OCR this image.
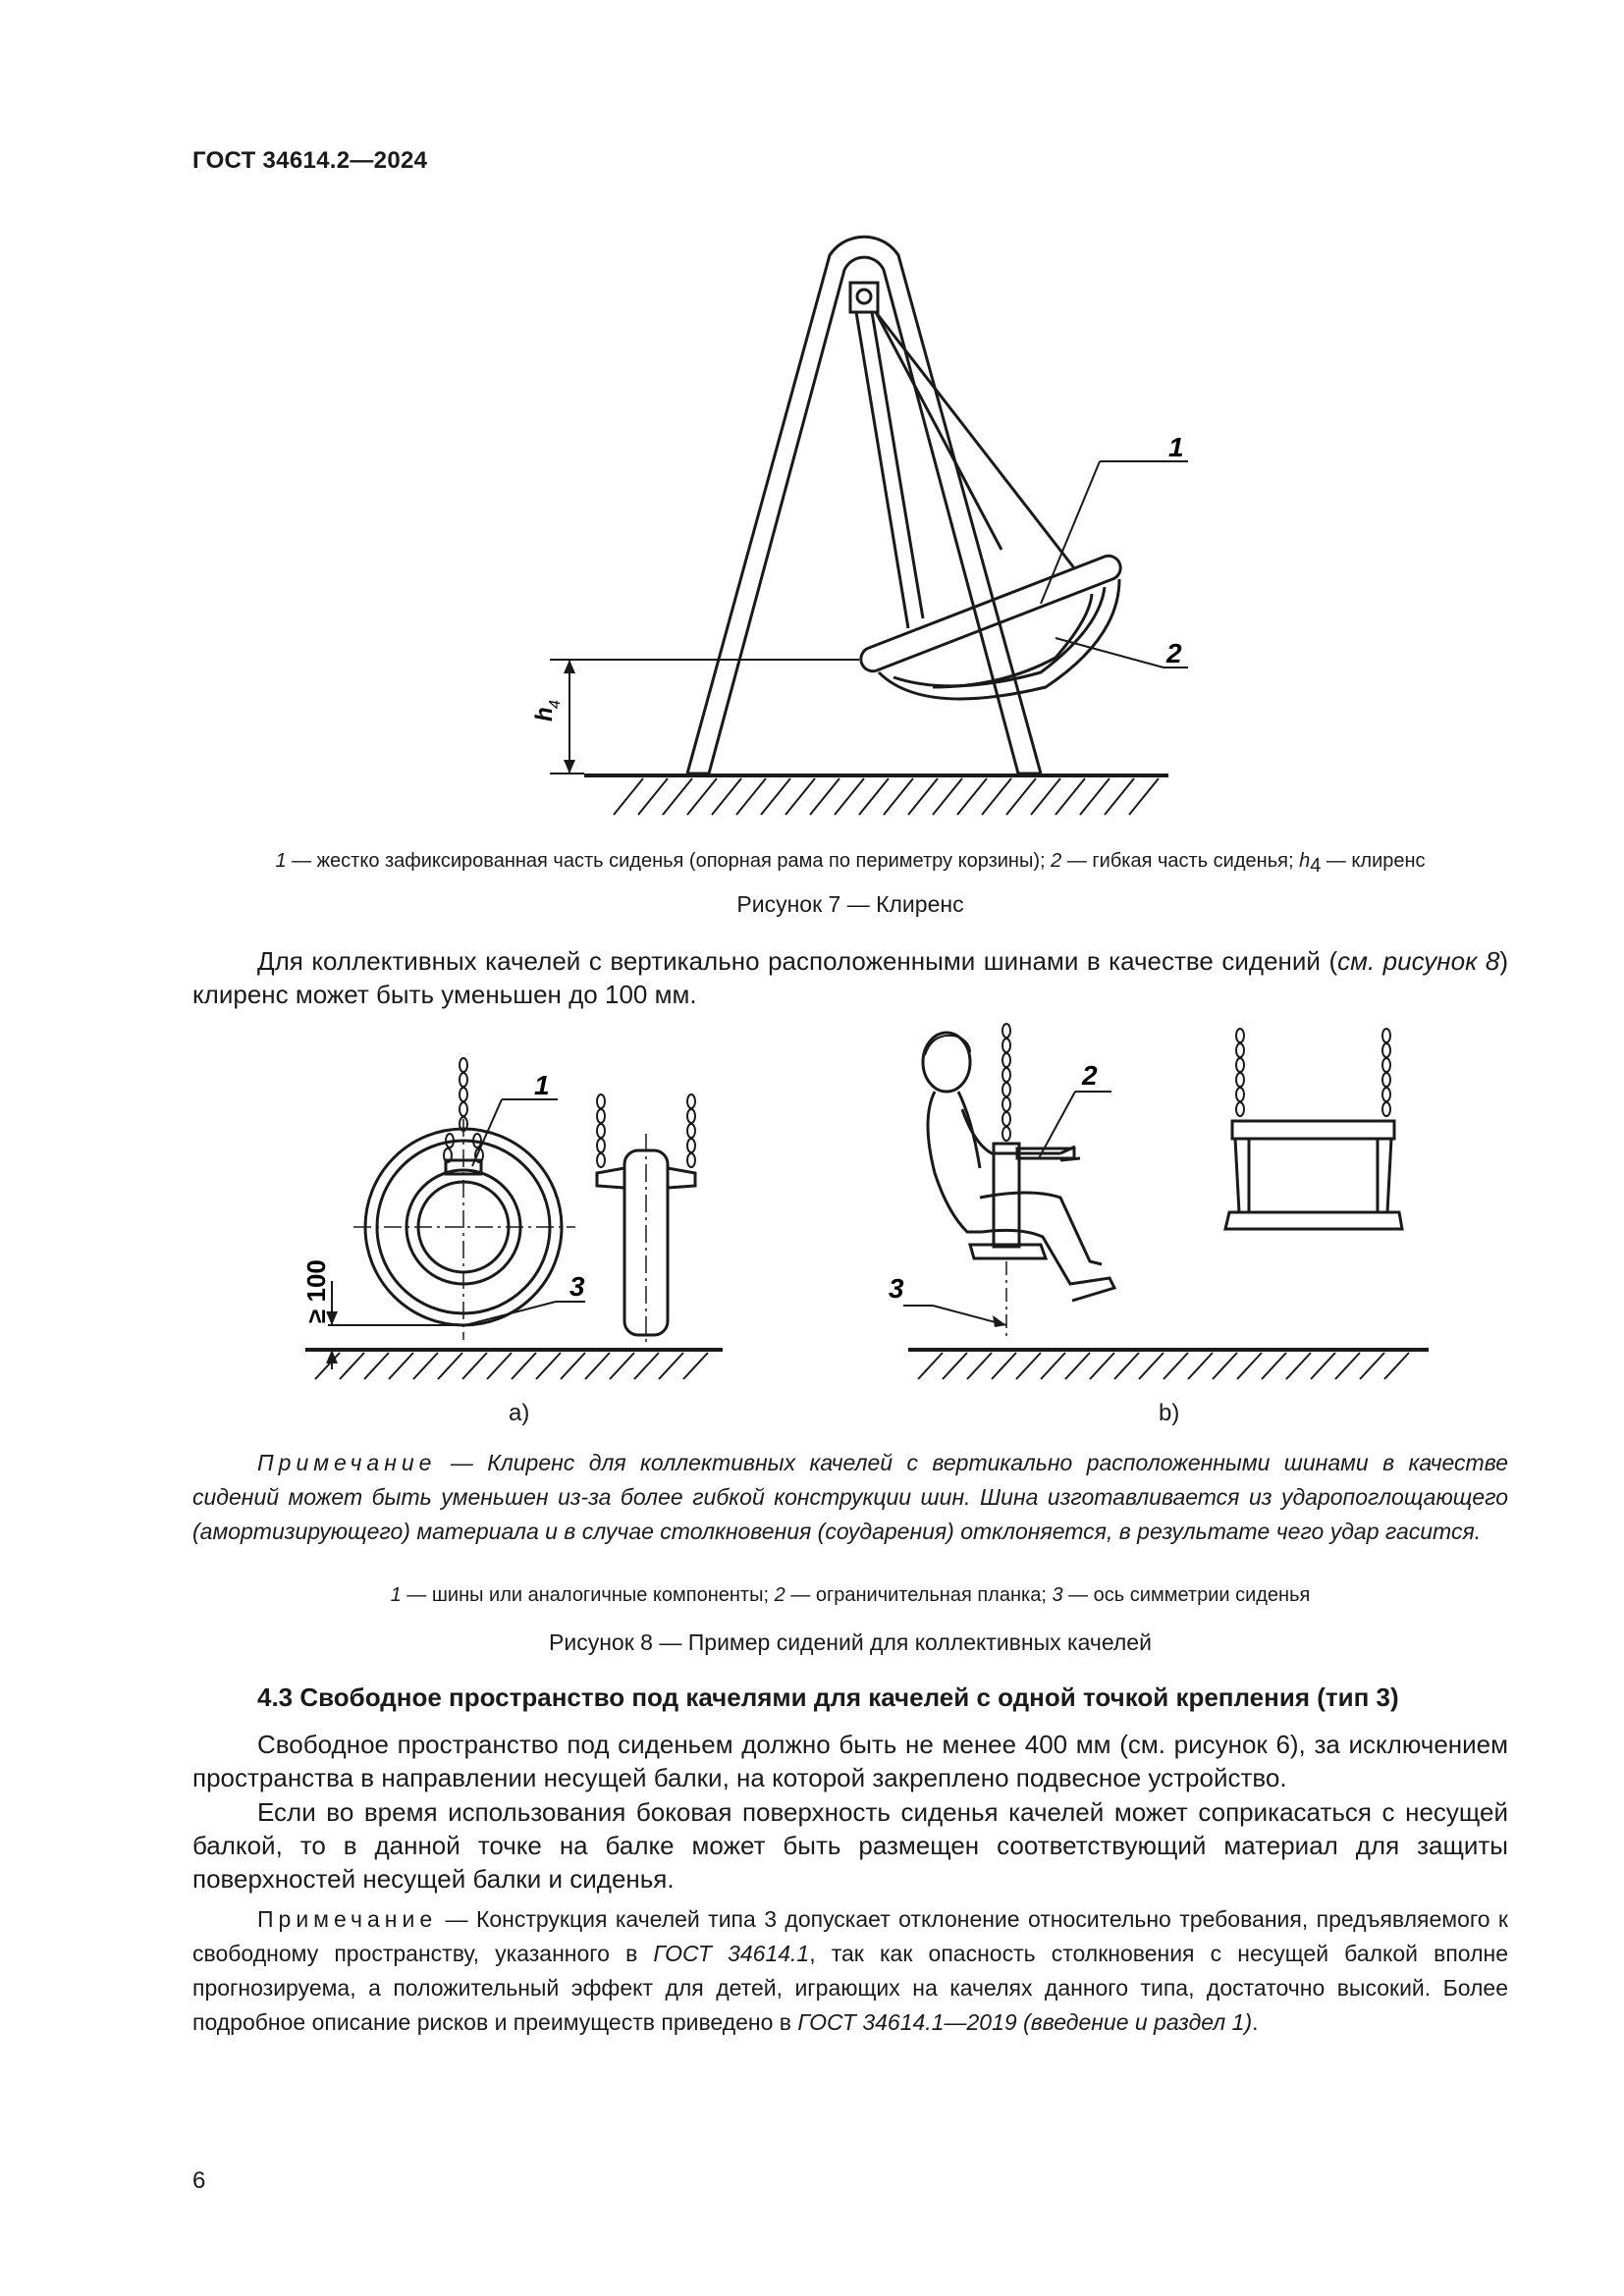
ГОСТ 34614.2—2024
1
2
h
4
1 — жестко зафиксированная часть сиденья (опорная рама по периметру корзины); 2 — гибкая часть сиденья; $h_4$ — клиренс
Рисунок 7 — Клиренс
Для коллективных качелей с вертикально расположенными шинами в качестве сидений (см. рисунок 8) клиренс может быть уменьшен до 100 мм.
1
3
≥ 100
2
3
a)	b)
Примечание — Клиренс для коллективных качелей с вертикально расположенными шинами в качестве сидений может быть уменьшен из-за более гибкой конструкции шин. Шина изготавливается из ударопоглощающего (амортизирующего) материала и в случае столкновения (соударения) отклоняется, в результате чего удар гасится.
1 — шины или аналогичные компоненты; 2 — ограничительная планка; 3 — ось симметрии сиденья
Рисунок 8 — Пример сидений для коллективных качелей
4.3 Свободное пространство под качелями для качелей с одной точкой крепления (тип 3)
Свободное пространство под сиденьем должно быть не менее 400 мм (см. рисунок 6), за исключением пространства в направлении несущей балки, на которой закреплено подвесное устройство.
Если во время использования боковая поверхность сиденья качелей может соприкасаться с несущей балкой, то в данной точке на балке может быть размещен соответствующий материал для защиты поверхностей несущей балки и сиденья.
Примечание — Конструкция качелей типа 3 допускает отклонение относительно требования, предъявляемого к свободному пространству, указанного в ГОСТ 34614.1, так как опасность столкновения с несущей балкой вполне прогнозируема, а положительный эффект для детей, играющих на качелях данного типа, достаточно высокий. Более подробное описание рисков и преимуществ приведено в ГОСТ 34614.1—2019 (введение и раздел 1).
6
